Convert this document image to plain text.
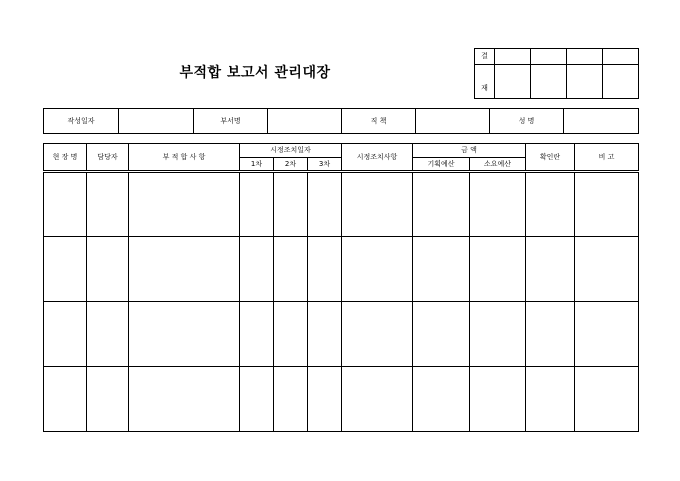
부적합 보고서 관리대장
결				
재				
작성일자		부서명		직 책		성 명	
현 장 명	담당자	부 적 합 사 항	시정조치일자			시정조치사항	금 액		확인란	비 고
			1차	2차	3차		기획예산	소요예산		
